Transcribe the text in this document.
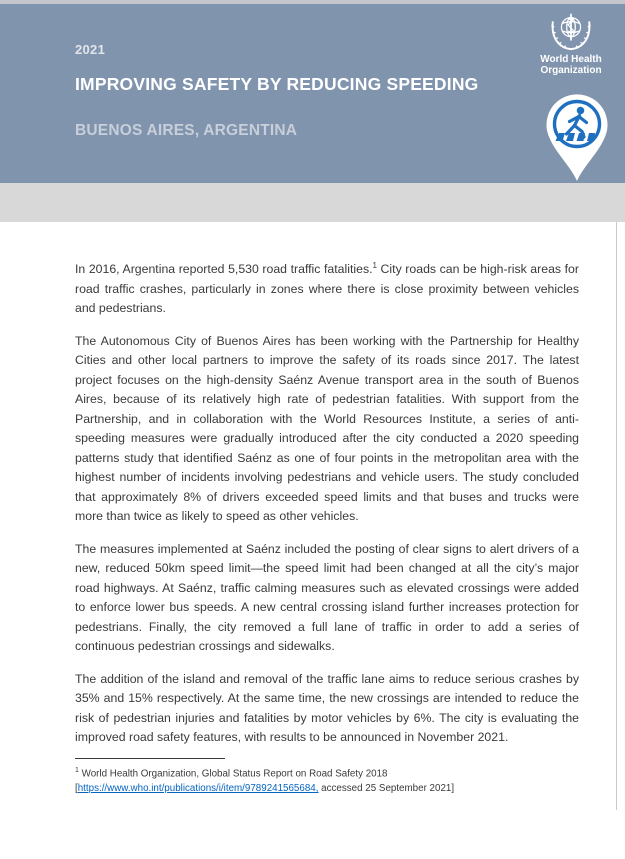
2021
IMPROVING SAFETY BY REDUCING SPEEDING
BUENOS AIRES, ARGENTINA
World Health
Organization

In 2016, Argentina reported 5,530 road traffic fatalities.$^1$ City roads can be high-risk areas for road traffic crashes, particularly in zones where there is close proximity between vehicles and pedestrians.

The Autonomous City of Buenos Aires has been working with the Partnership for Healthy Cities and other local partners to improve the safety of its roads since 2017. The latest project focuses on the high-density Saénz Avenue transport area in the south of Buenos Aires, because of its relatively high rate of pedestrian fatalities. With support from the Partnership, and in collaboration with the World Resources Institute, a series of anti-speeding measures were gradually introduced after the city conducted a 2020 speeding patterns study that identified Saénz as one of four points in the metropolitan area with the highest number of incidents involving pedestrians and vehicle users. The study concluded that approximately 8% of drivers exceeded speed limits and that buses and trucks were more than twice as likely to speed as other vehicles.

The measures implemented at Saénz included the posting of clear signs to alert drivers of a new, reduced 50km speed limit—the speed limit had been changed at all the city’s major road highways. At Saénz, traffic calming measures such as elevated crossings were added to enforce lower bus speeds. A new central crossing island further increases protection for pedestrians. Finally, the city removed a full lane of traffic in order to add a series of continuous pedestrian crossings and sidewalks.

The addition of the island and removal of the traffic lane aims to reduce serious crashes by 35% and 15% respectively. At the same time, the new crossings are intended to reduce the risk of pedestrian injuries and fatalities by motor vehicles by 6%. The city is evaluating the improved road safety features, with results to be announced in November 2021.

$^1$ World Health Organization, Global Status Report on Road Safety 2018
[https://www.who.int/publications/i/item/9789241565684, accessed 25 September 2021]
